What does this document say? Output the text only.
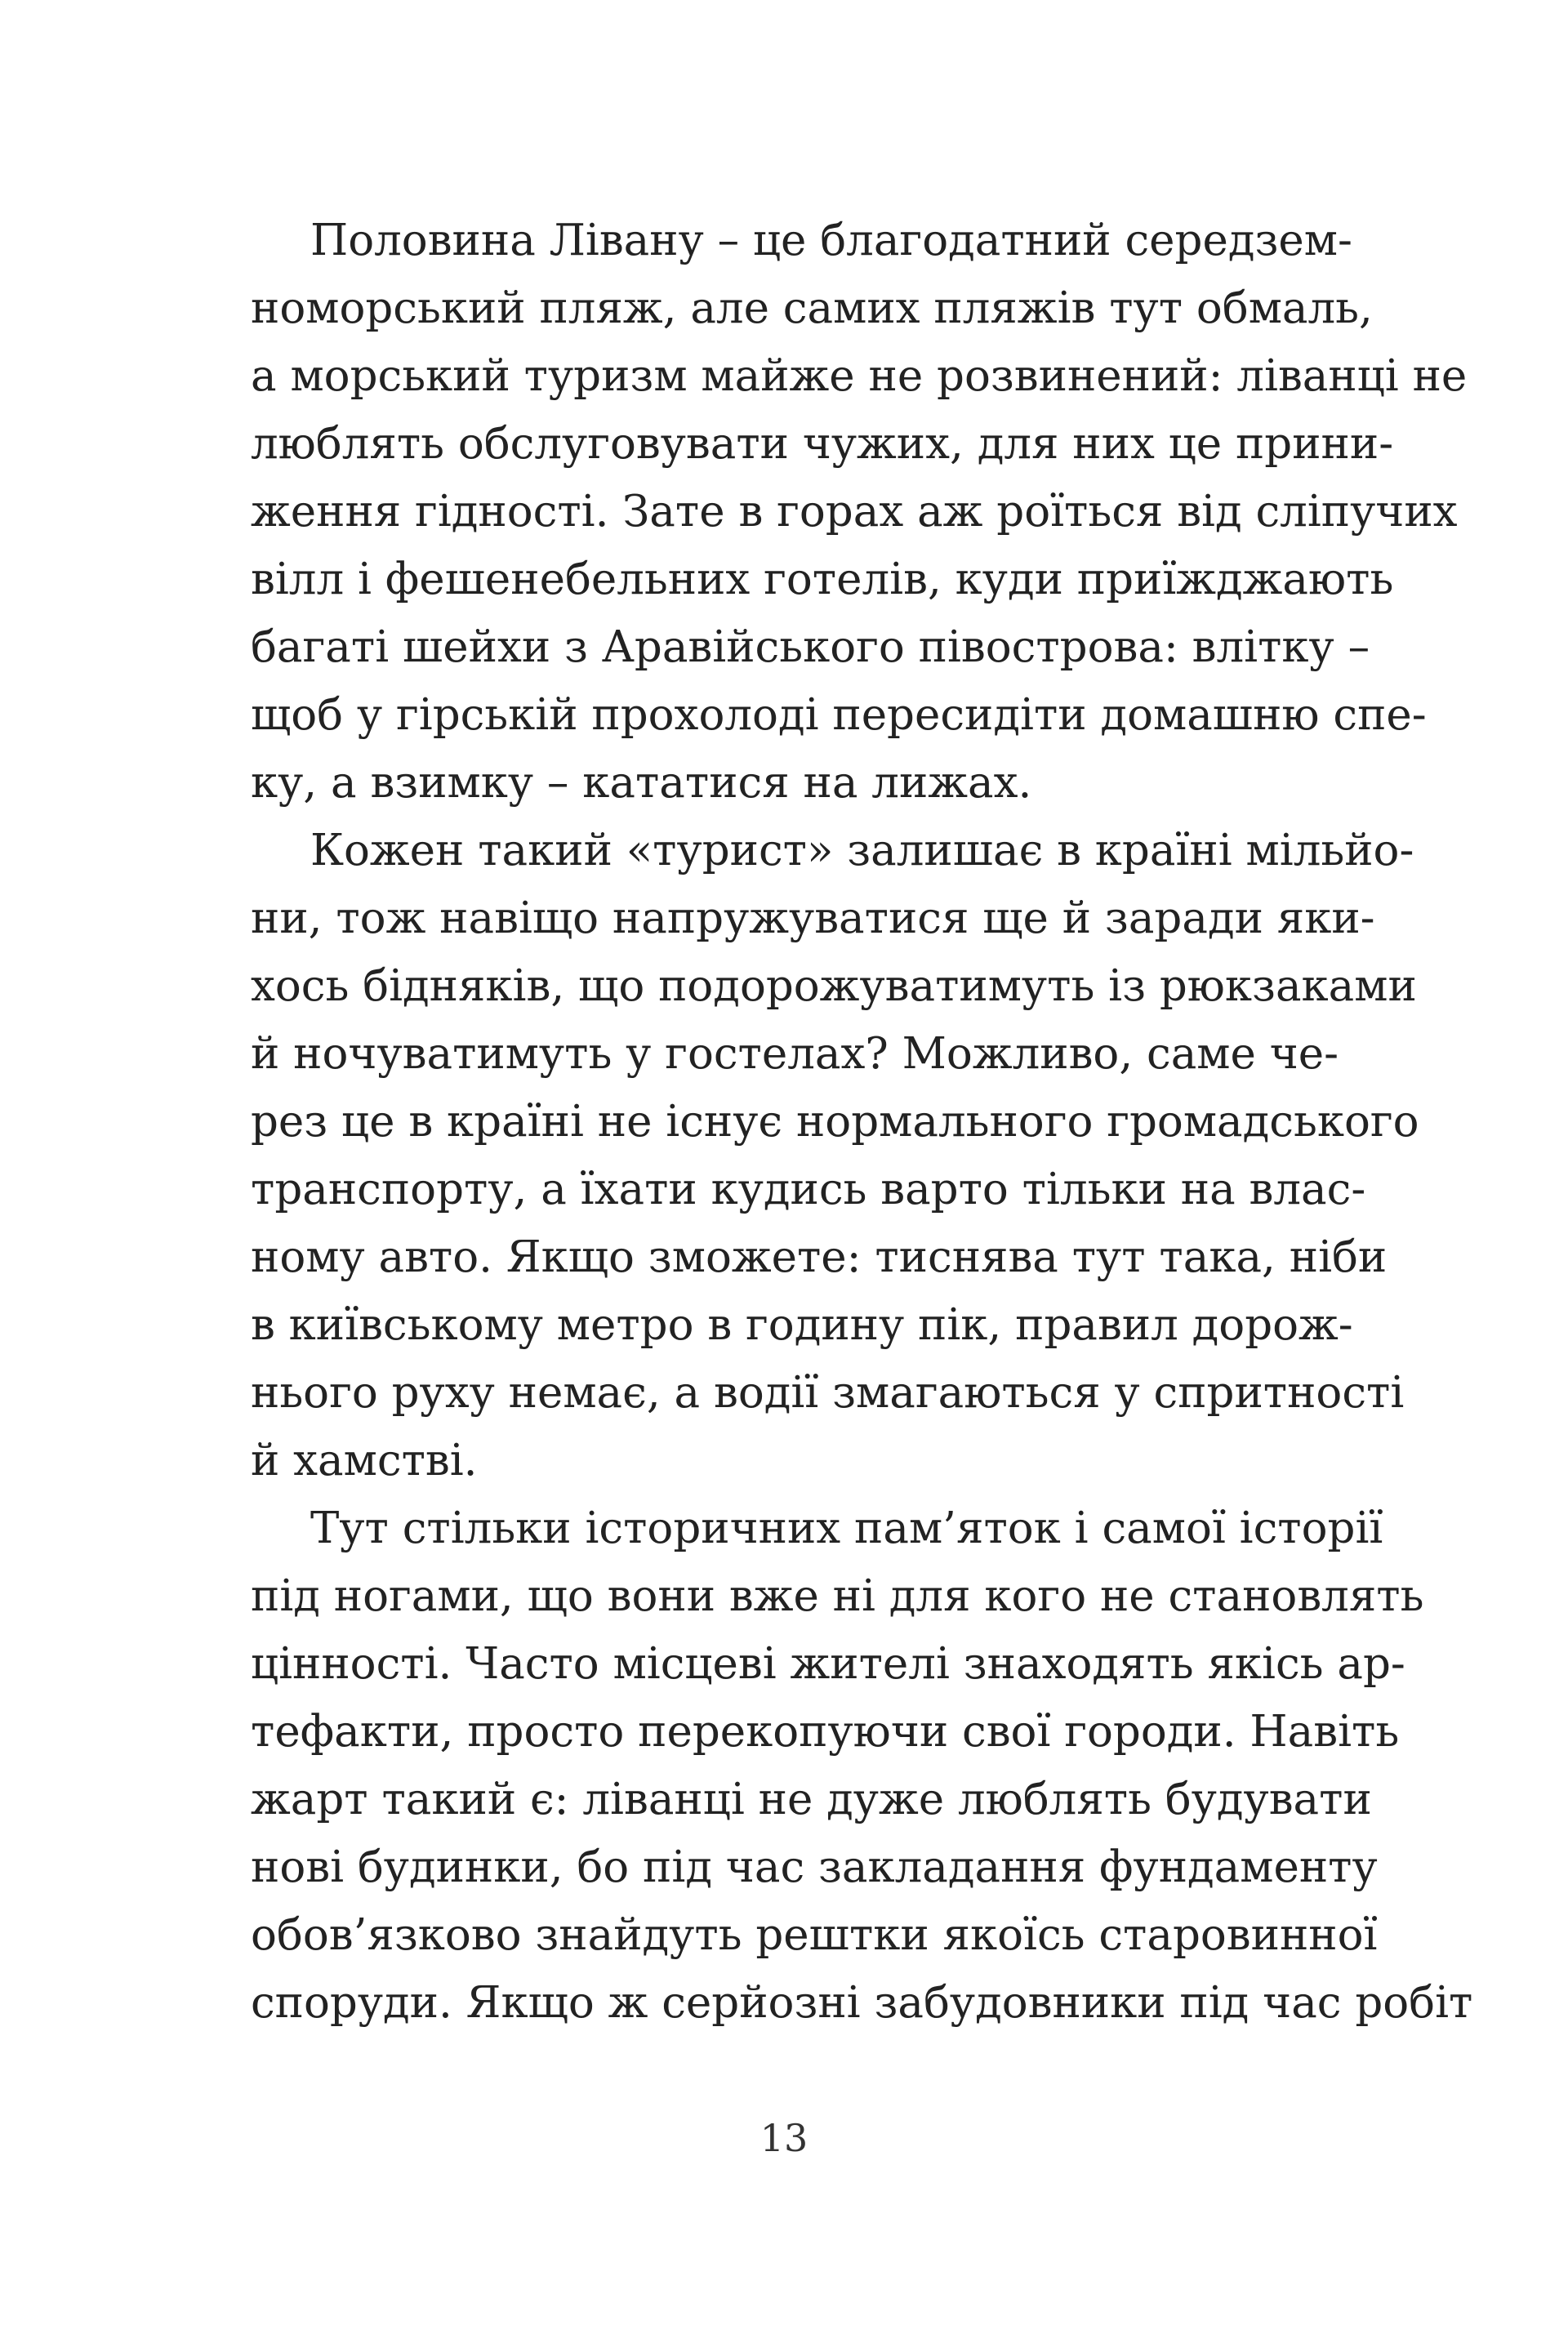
Половина Лівану – це благодатний середзем-
номорський пляж, але самих пляжів тут обмаль,
а морський туризм майже не розвинений: ліванці не
люблять обслуговувати чужих, для них це прини-
ження гідності. Зате в горах аж роїться від сліпучих
вілл і фешенебельних готелів, куди приїжджають
багаті шейхи з Аравійського півострова: влітку –
щоб у гірській прохолоді пересидіти домашню спе-
ку, а взимку – кататися на лижах.
Кожен такий «турист» залишає в країні мільйо-
ни, тож навіщо напружуватися ще й заради яки-
хось бідняків, що подорожуватимуть із рюкзаками
й ночуватимуть у гостелах? Можливо, саме че-
рез це в країні не існує нормального громадського
транспорту, а їхати кудись варто тільки на влас-
ному авто. Якщо зможете: тиснява тут така, ніби
в київському метро в годину пік, правил дорож-
нього руху немає, а водії змагаються у спритності
й хамстві.
Тут стільки історичних пам’яток і самої історії
під ногами, що вони вже ні для кого не становлять
цінності. Часто місцеві жителі знаходять якісь ар-
тефакти, просто перекопуючи свої городи. Навіть
жарт такий є: ліванці не дуже люблять будувати
нові будинки, бо під час закладання фундаменту
обов’язково знайдуть рештки якоїсь старовинної
споруди. Якщо ж серйозні забудовники під час робіт
13
